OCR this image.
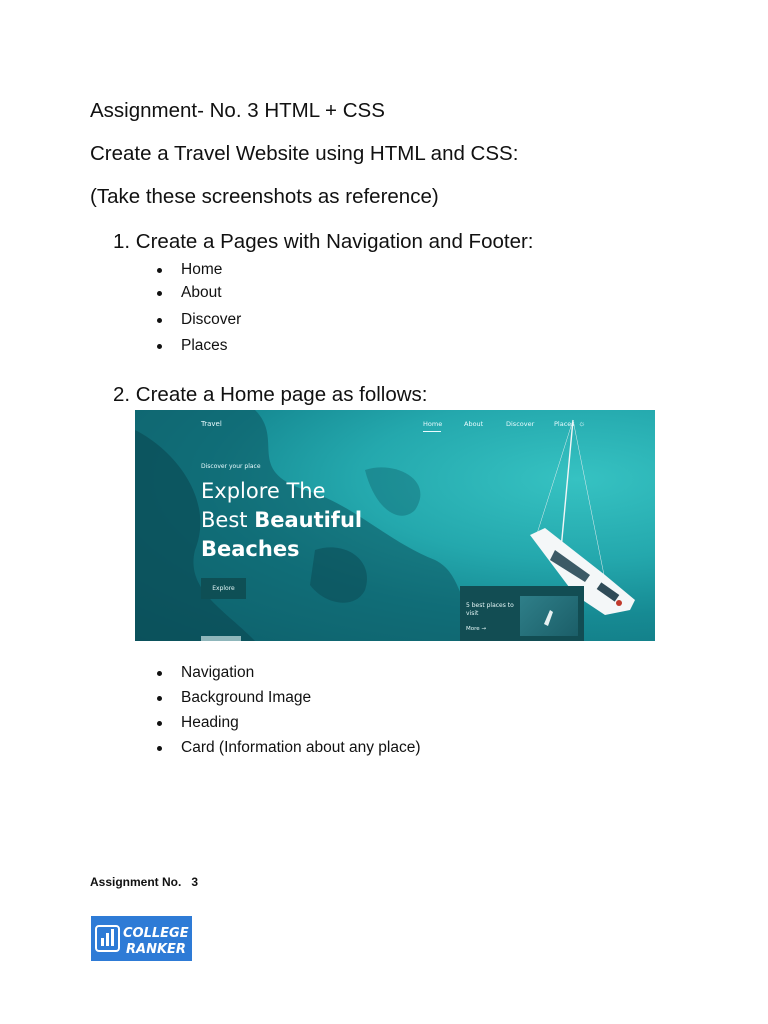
Assignment- No. 3 HTML + CSS

Create a Travel Website using HTML and CSS:

(Take these screenshots as reference)

1. Create a Pages with Navigation and Footer:

Home
About
Discover
Places

2. Create a Home page as follows:

Travel	Home	About	Discover	Places ☼
Discover your place
Explore The
Best Beautiful
Beaches
Explore
5 best places to visit
More →
Navigation
Background Image
Heading
Card (Information about any place)
Assignment No.   3
COLLEGE
RANKER
